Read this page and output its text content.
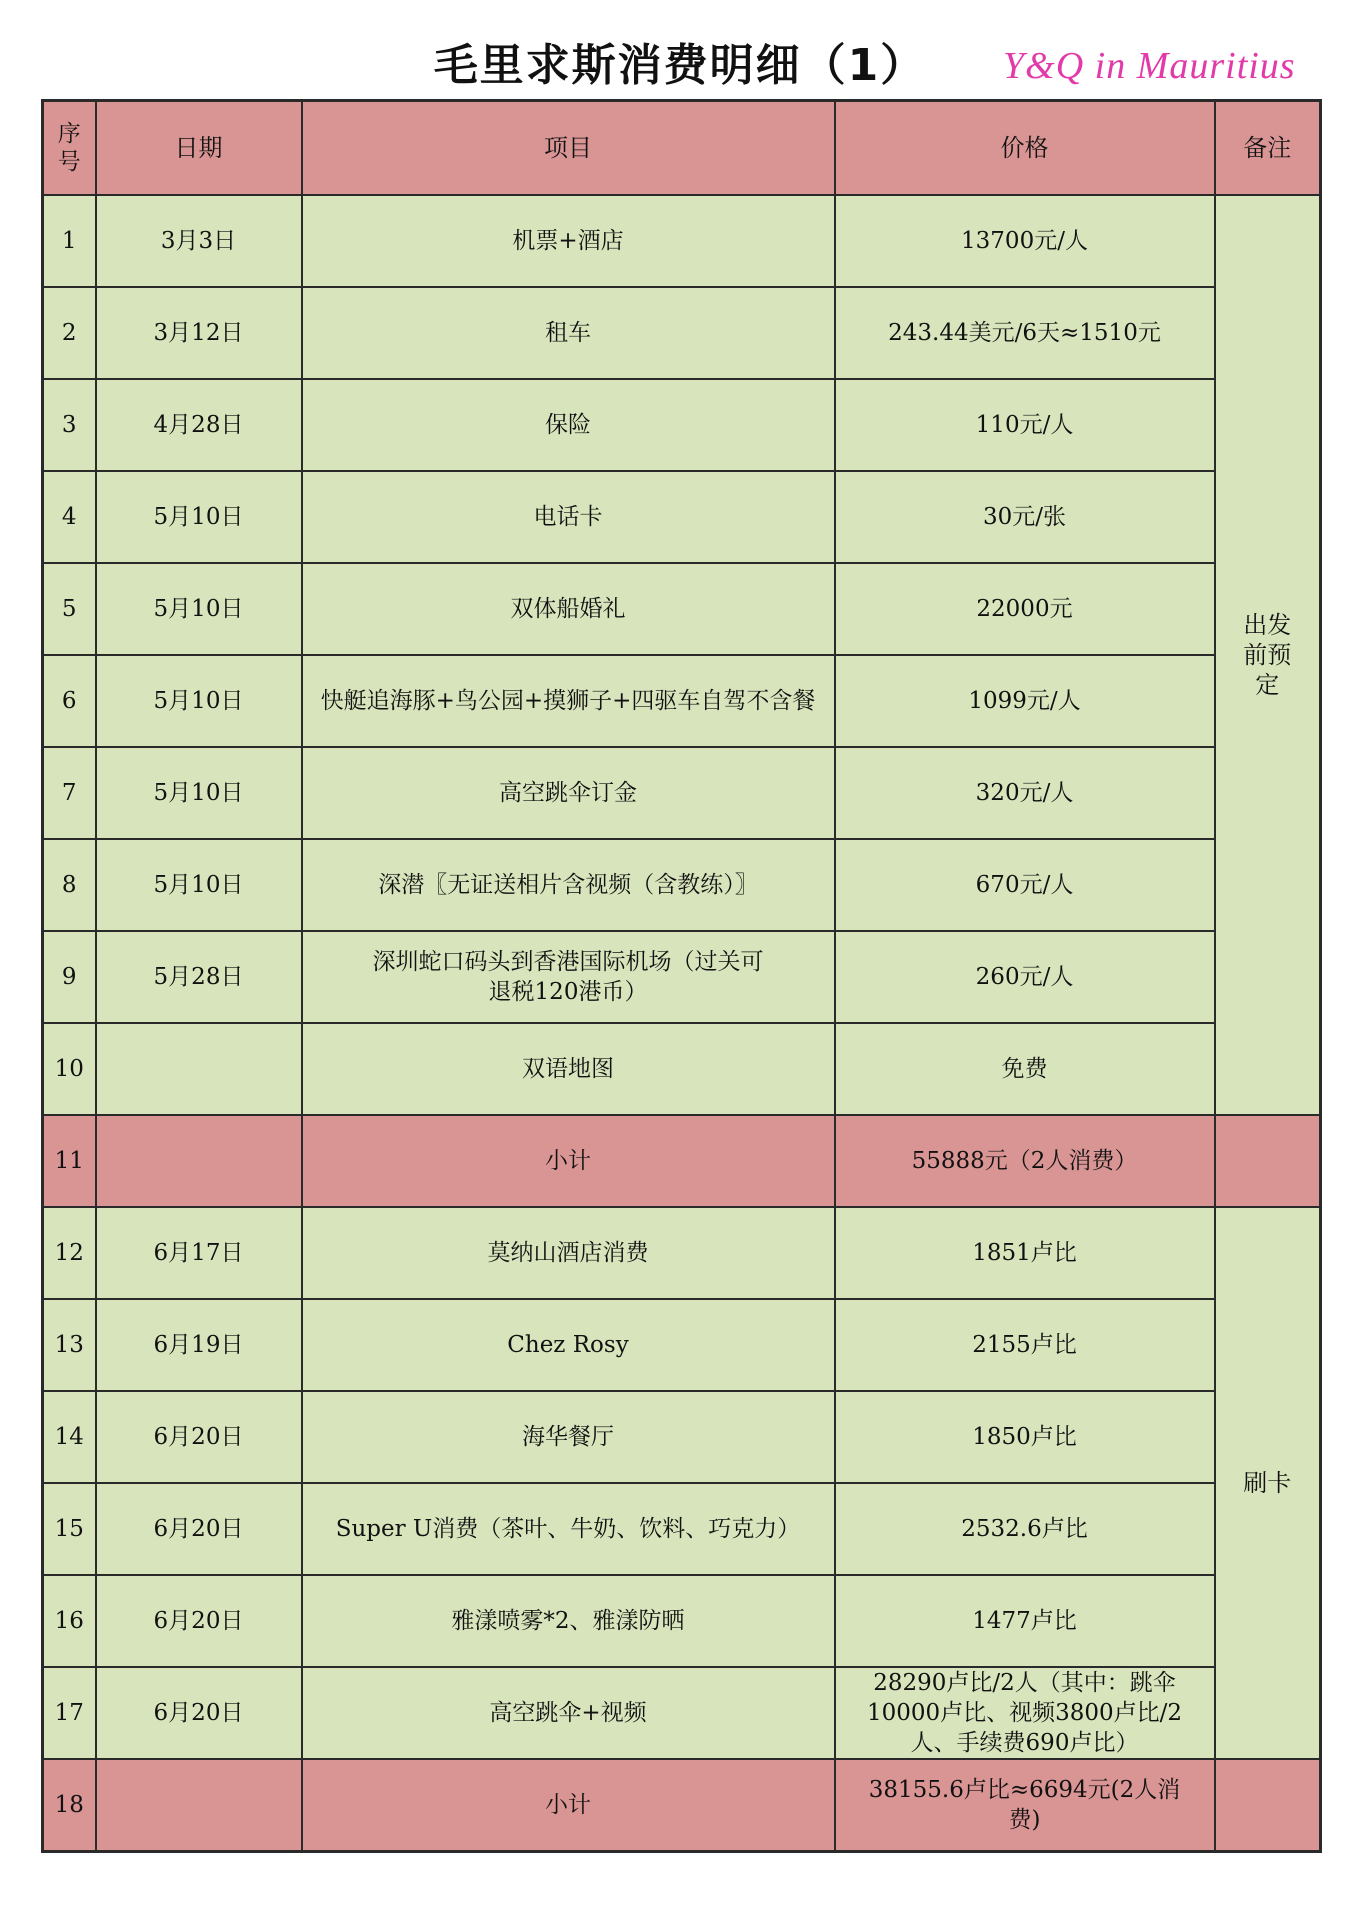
毛里求斯消费明细（1）	Y&Q in Mauritius
序号	日期	项目	价格	备注
1	3月3日	机票+酒店	13700元/人	出发前预定
2	3月12日	租车	243.44美元/6天≈1510元	
3	4月28日	保险	110元/人	
4	5月10日	电话卡	30元/张	
5	5月10日	双体船婚礼	22000元	
6	5月10日	快艇追海豚+鸟公园+摸狮子+四驱车自驾不含餐	1099元/人	
7	5月10日	高空跳伞订金	320元/人	
8	5月10日	深潜〖无证送相片含视频（含教练）〗	670元/人	
9	5月28日	深圳蛇口码头到香港国际机场（过关可退税120港币）	260元/人	
10		双语地图	免费	
11		小计	55888元（2人消费）	
12	6月17日	莫纳山酒店消费	1851卢比	刷卡
13	6月19日	Chez Rosy	2155卢比	
14	6月20日	海华餐厅	1850卢比	
15	6月20日	Super U消费（茶叶、牛奶、饮料、巧克力）	2532.6卢比	
16	6月20日	雅漾喷雾*2、雅漾防晒	1477卢比	
17	6月20日	高空跳伞+视频	28290卢比/2人（其中：跳伞10000卢比、视频3800卢比/2人、手续费690卢比）	
18		小计	38155.6卢比≈6694元(2人消费)	
